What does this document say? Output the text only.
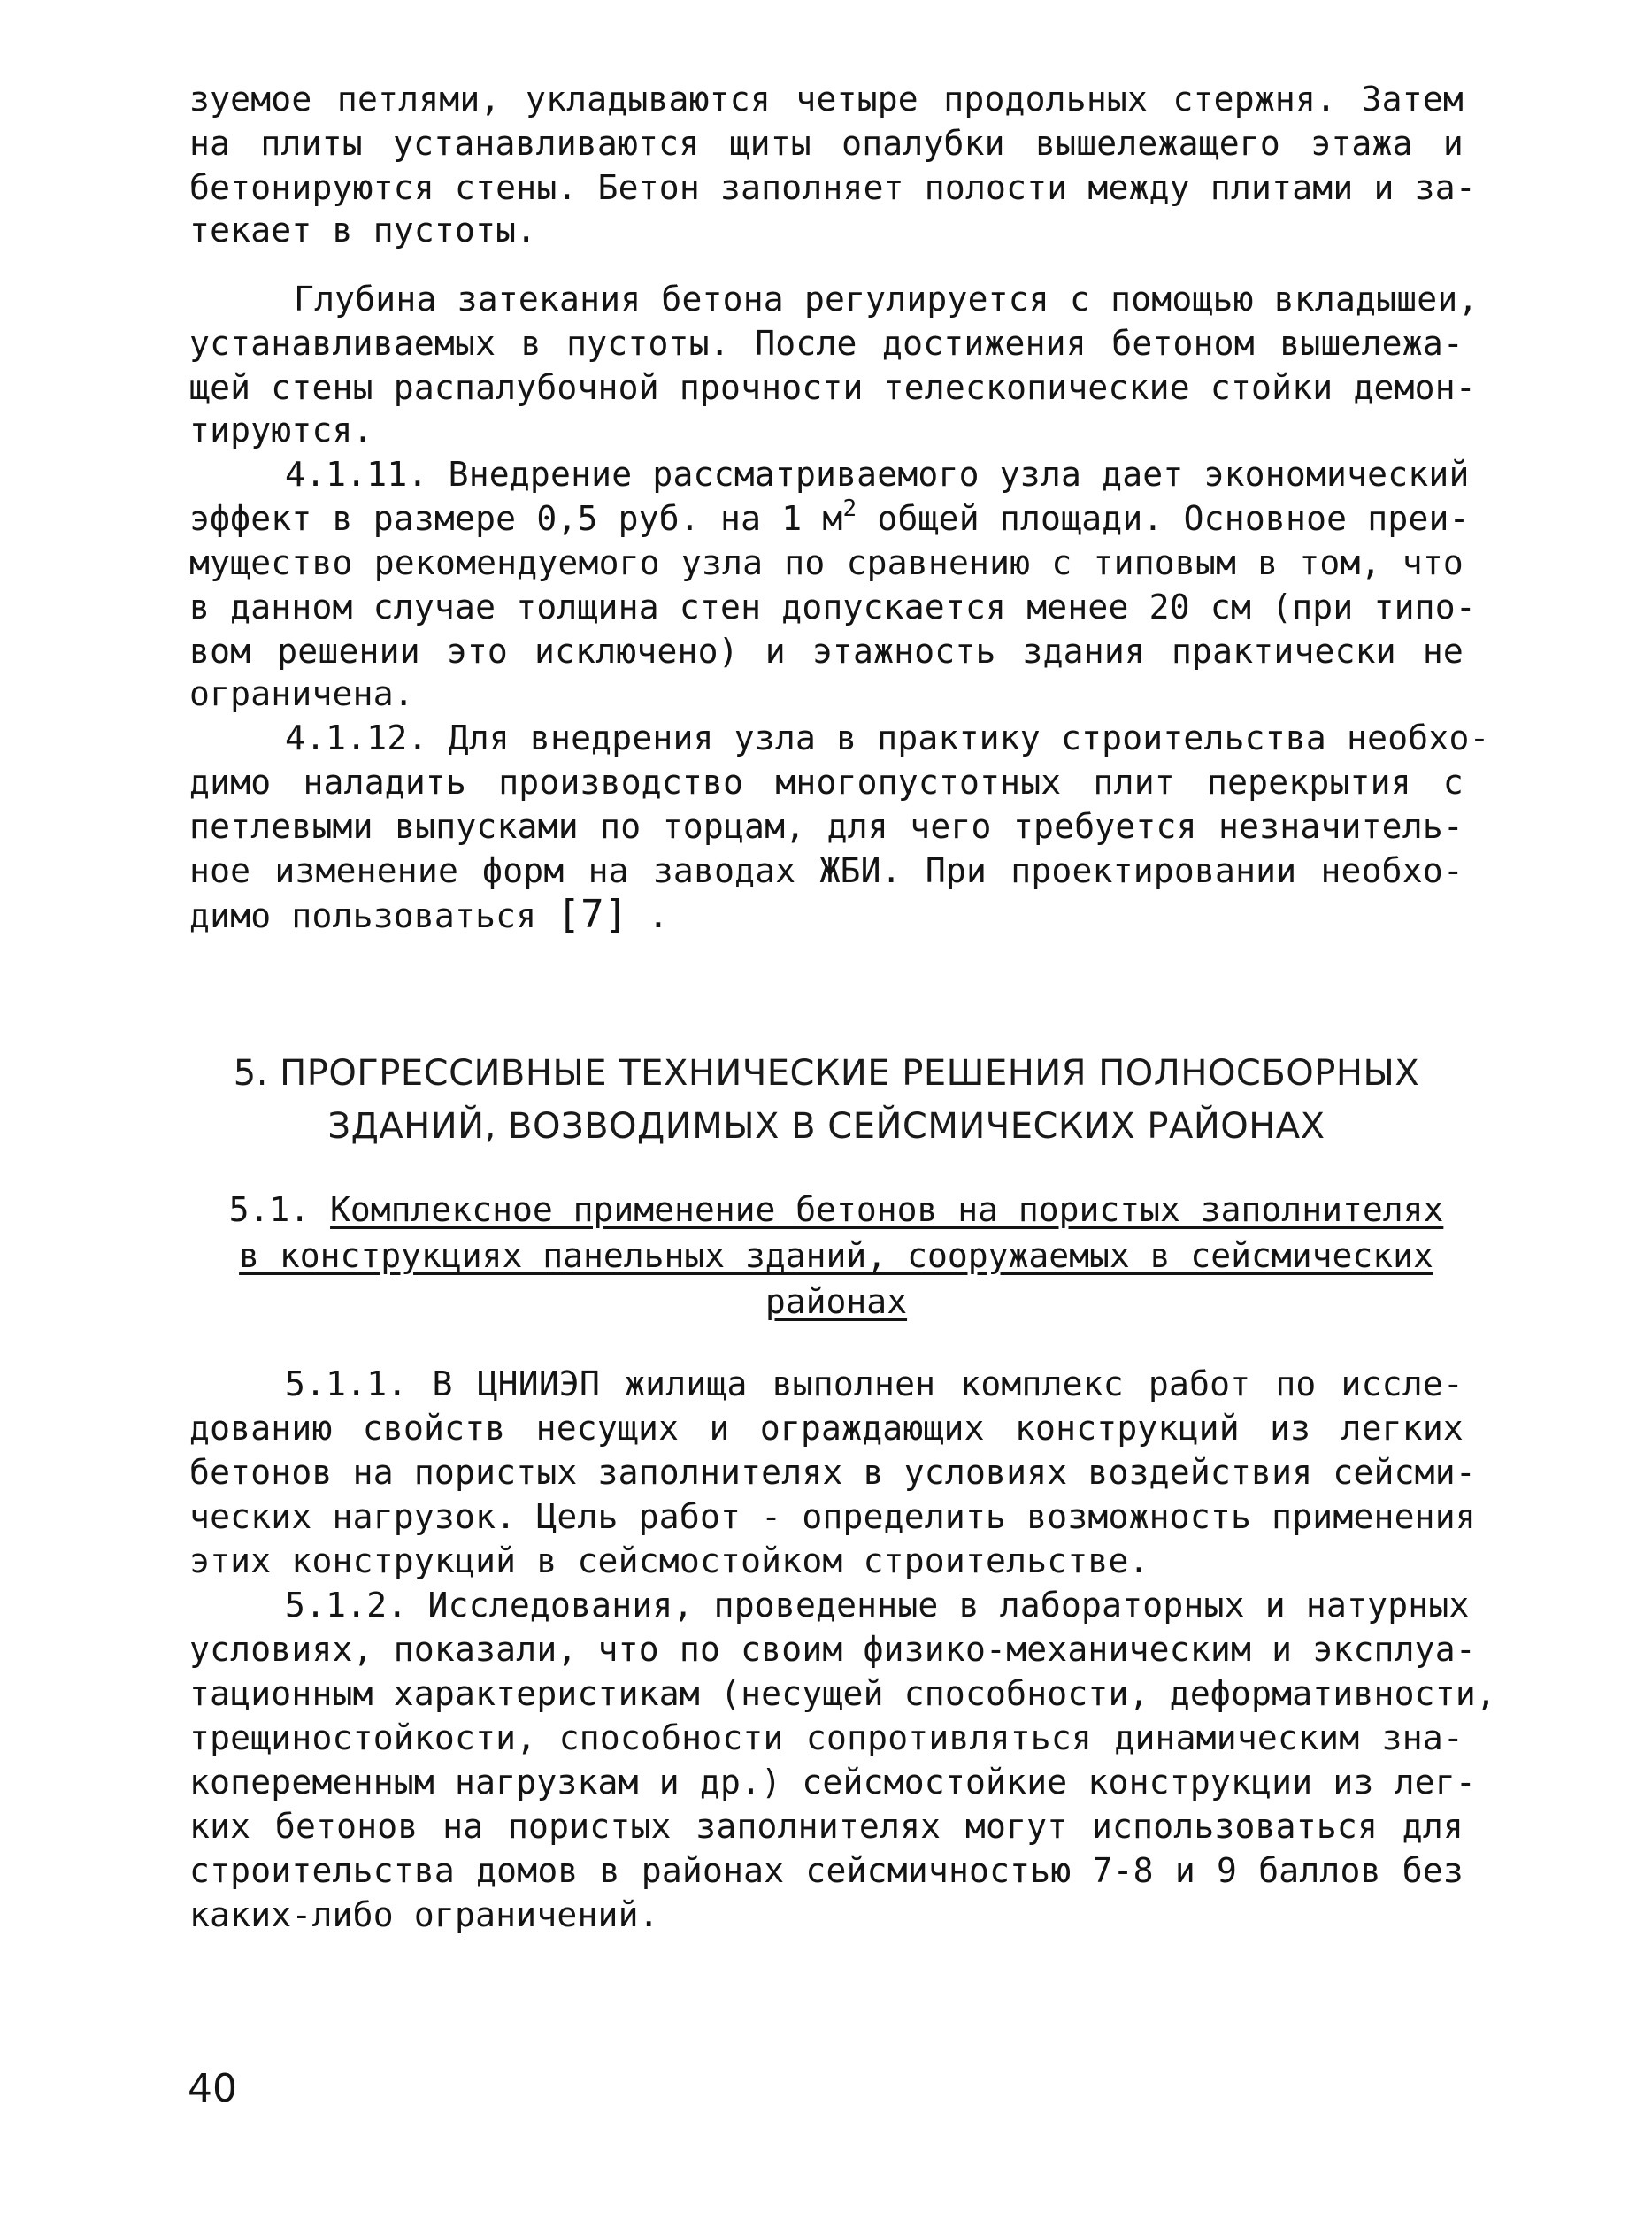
зуемое петлями, укладываются четыре продольных стержня. Затем
на плиты устанавливаются щиты опалубки вышележащего этажа и
бетонируются стены. Бетон заполняет полости между плитами и за-
текает в пустоты.
Глубина затекания бетона регулируется с помощью вкладышеи,
устанавливаемых в пустоты. После достижения бетоном вышележа-
щей стены распалубочной прочности телескопические стойки демон-
тируются.
4.1.11. Внедрение рассматриваемого узла дает экономический
эффект в размере 0,5 руб. на 1 $м^2$ общей площади. Основное преи-
мущество рекомендуемого узла по сравнению с типовым в том, что
в данном случае толщина стен допускается менее 20 см (при типо-
вом решении это исключено) и этажность здания практически не
ограничена.
4.1.12. Для внедрения узла в практику строительства необхо-
димо наладить производство многопустотных плит перекрытия с
петлевыми выпусками по торцам, для чего требуется незначитель-
ное изменение форм на заводах ЖБИ. При проектировании необхо-
димо пользоваться [7] .
5. ПРОГРЕССИВНЫЕ ТЕХНИЧЕСКИЕ РЕШЕНИЯ ПОЛНОСБОРНЫХ
ЗДАНИЙ, ВОЗВОДИМЫХ В СЕЙСМИЧЕСКИХ РАЙОНАХ
5.1. Комплексное применение бетонов на пористых заполнителях
в конструкциях панельных зданий, сооружаемых в сейсмических
районах
5.1.1. В ЦНИИЭП жилища выполнен комплекс работ по иссле-
дованию свойств несущих и ограждающих конструкций из легких
бетонов на пористых заполнителях в условиях воздействия сейсми-
ческих нагрузок. Цель работ - определить возможность применения
этих конструкций в сейсмостойком строительстве.
5.1.2. Исследования, проведенные в лабораторных и натурных
условиях, показали, что по своим физико-механическим и эксплуа-
тационным характеристикам (несущей способности, деформативности,
трещиностойкости, способности сопротивляться динамическим зна-
копеременным нагрузкам и др.) сейсмостойкие конструкции из лег-
ких бетонов на пористых заполнителях могут использоваться для
строительства домов в районах сейсмичностью 7-8 и 9 баллов без
каких-либо ограничений.
40
